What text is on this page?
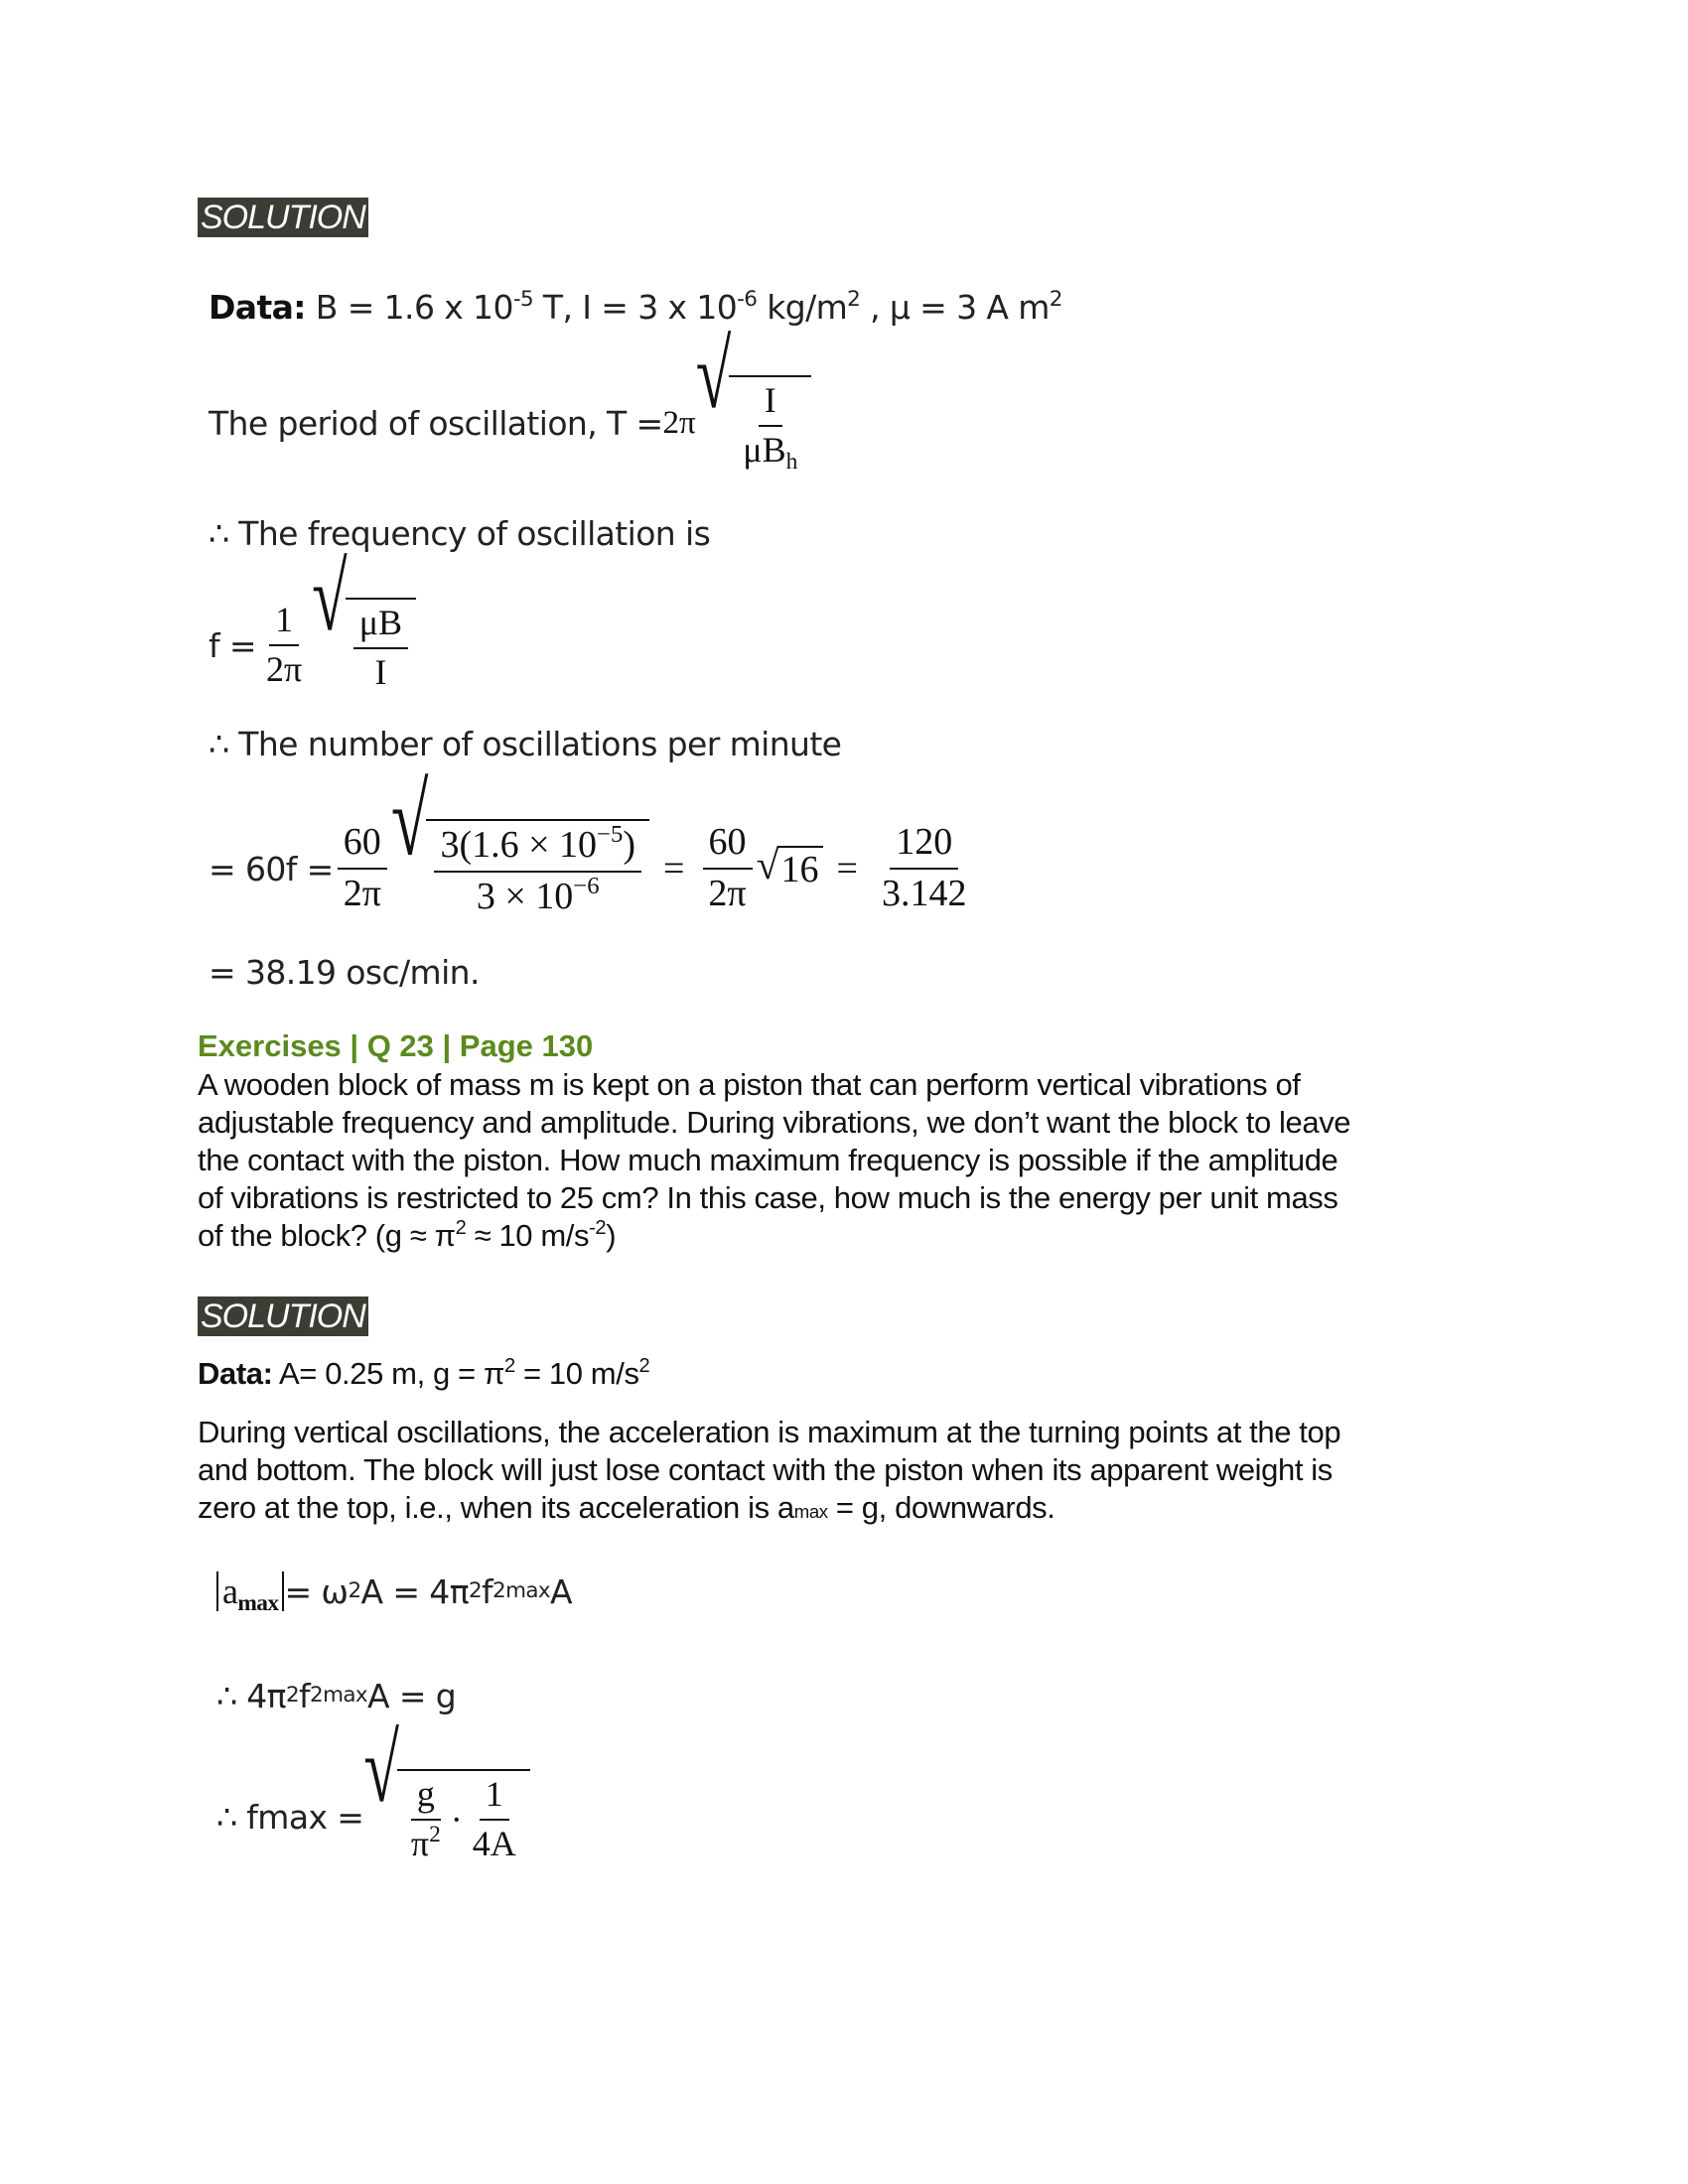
SOLUTION
Data: B = 1.6 x $10^{-5}$ T, I = 3 x $10^{-6}$ $kg/m^2$ , μ = 3 A $m^2$
The period of oscillation, T = 2π √ $\frac{I}{\mu B_h}$
∴ The frequency of oscillation is
$f = \frac{1}{2\pi}$ √ $\frac{\mu B}{I}$
∴ The number of oscillations per minute
= $60f = \frac{60}{2\pi}$ √ $\frac{3(1.6 \times 10^{-5})}{3 \times 10^{-6}} = \frac{60}{2\pi}$ √ $16 = \frac{120}{3.142}$
= 38.19 osc/min.
Exercises | Q 23 | Page 130
A wooden block of mass m is kept on a piston that can perform vertical vibrations of
adjustable frequency and amplitude. During vibrations, we don’t want the block to leave
the contact with the piston. How much maximum frequency is possible if the amplitude
of vibrations is restricted to 25 cm? In this case, how much is the energy per unit mass
of the block? ($g \approx \pi^2 \approx 10$ $m/s^{-2}$)
SOLUTION
Data: A= 0.25 m, $g = \pi^2 = 10$ $m/s^2$
During vertical oscillations, the acceleration is maximum at the turning points at the top
and bottom. The block will just lose contact with the piston when its apparent weight is
zero at the top, i.e., when its acceleration is amax = g, downwards.
$a_{max} = \omega$ 2 A = 4π 2 f 2 max A
∴ 4π 2 f 2 max A = g
∴ fmax = √ $\frac{g}{\pi^2} \cdot \frac{1}{4A}$
